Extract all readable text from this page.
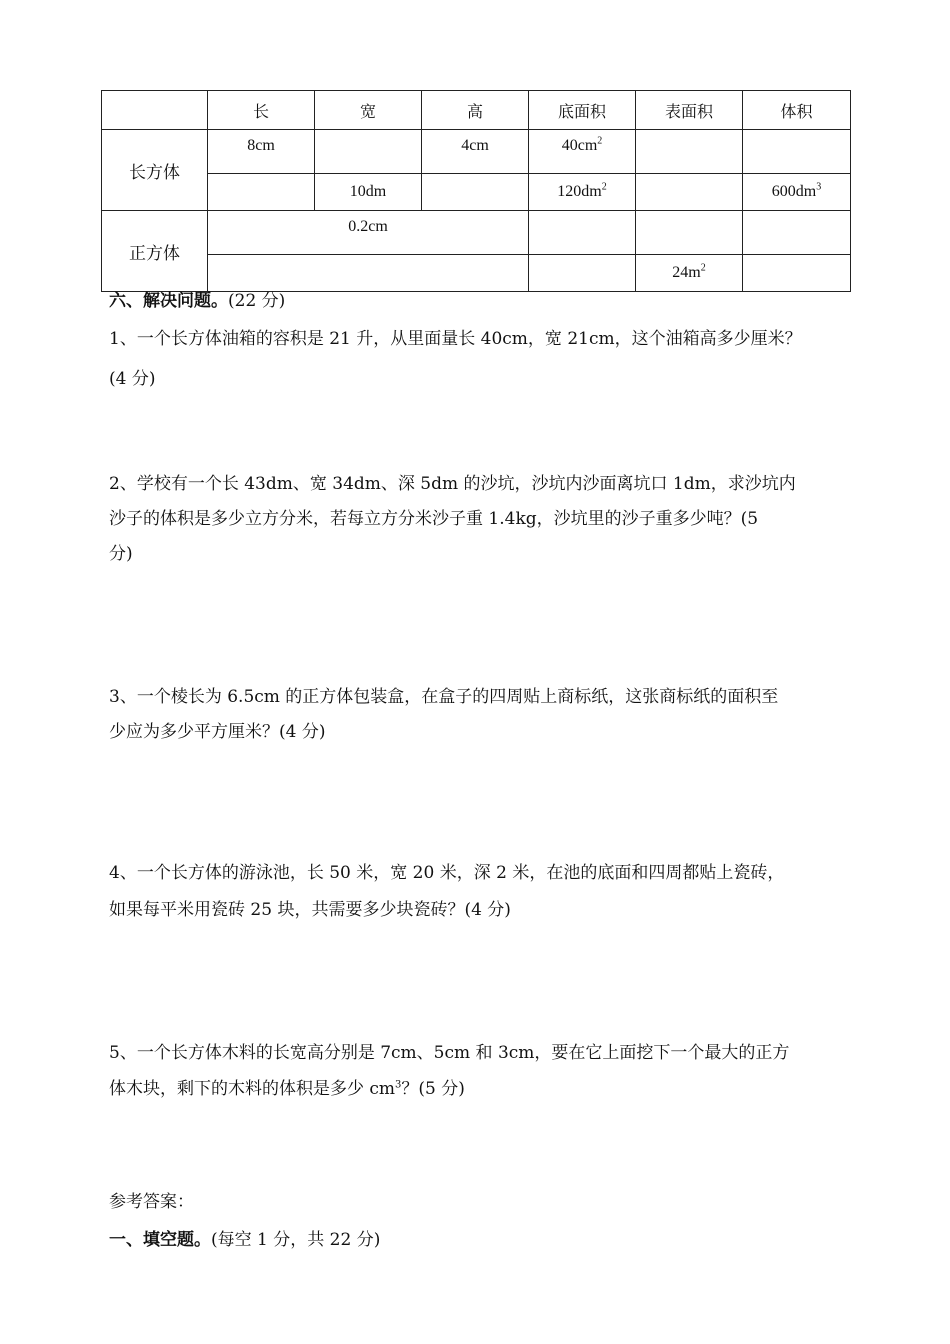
	长	宽	高	底面积	表面积	体积
长方体	8cm		4cm	$40cm^2$		
		10dm		$120dm^2$		$600dm^3$
正方体	0.2cm					
					$24m^2$	
六、解决问题。(22 分)
1、一个长方体油箱的容积是 21 升，从里面量长 40cm，宽 21cm，这个油箱高多少厘米？
(4 分)
2、学校有一个长 43dm、宽 34dm、深 5dm 的沙坑，沙坑内沙面离坑口 1dm，求沙坑内
沙子的体积是多少立方分米，若每立方分米沙子重 1.4kg，沙坑里的沙子重多少吨？(5
分)
3、一个棱长为 6.5cm 的正方体包装盒，在盒子的四周贴上商标纸，这张商标纸的面积至
少应为多少平方厘米？(4 分)
4、一个长方体的游泳池，长 50 米，宽 20 米，深 2 米，在池的底面和四周都贴上瓷砖，
如果每平米用瓷砖 25 块，共需要多少块瓷砖？(4 分)
5、一个长方体木料的长宽高分别是 7cm、5cm 和 3cm，要在它上面挖下一个最大的正方
体木块，剩下的木料的体积是多少 $cm^3$？(5 分)
参考答案：
一、填空题。(每空 1 分，共 22 分)
